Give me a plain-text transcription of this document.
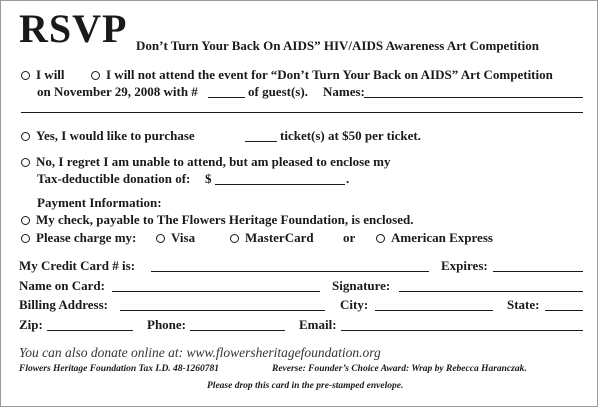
RSVP Don’t Turn Your Back On AIDS” HIV/AIDS Awareness Art Competition
I will	I will not attend the event for “Don’t Turn Your Back on AIDS” Art Competition
on November 29, 2008 with #	of guest(s). Names:
Yes, I would like to purchase	ticket(s) at $50 per ticket.
No, I regret I am unable to attend, but am pleased to enclose my
Tax-deductible donation of: $	.
Payment Information:
My check, payable to The Flowers Heritage Foundation, is enclosed.
Please charge my:	Visa	MasterCard or	American Express
My Credit Card # is:	Expires:
Name on Card:	Signature:
Billing Address:	City:	State:
Zip:	Phone:	Email:
You can also donate online at: www.flowersheritagefoundation.org
Flowers Heritage Foundation Tax I.D. 48-1260781	Reverse: Founder’s Choice Award: Wrap by Rebecca Haranczak.
Please drop this card in the pre-stamped envelope.
